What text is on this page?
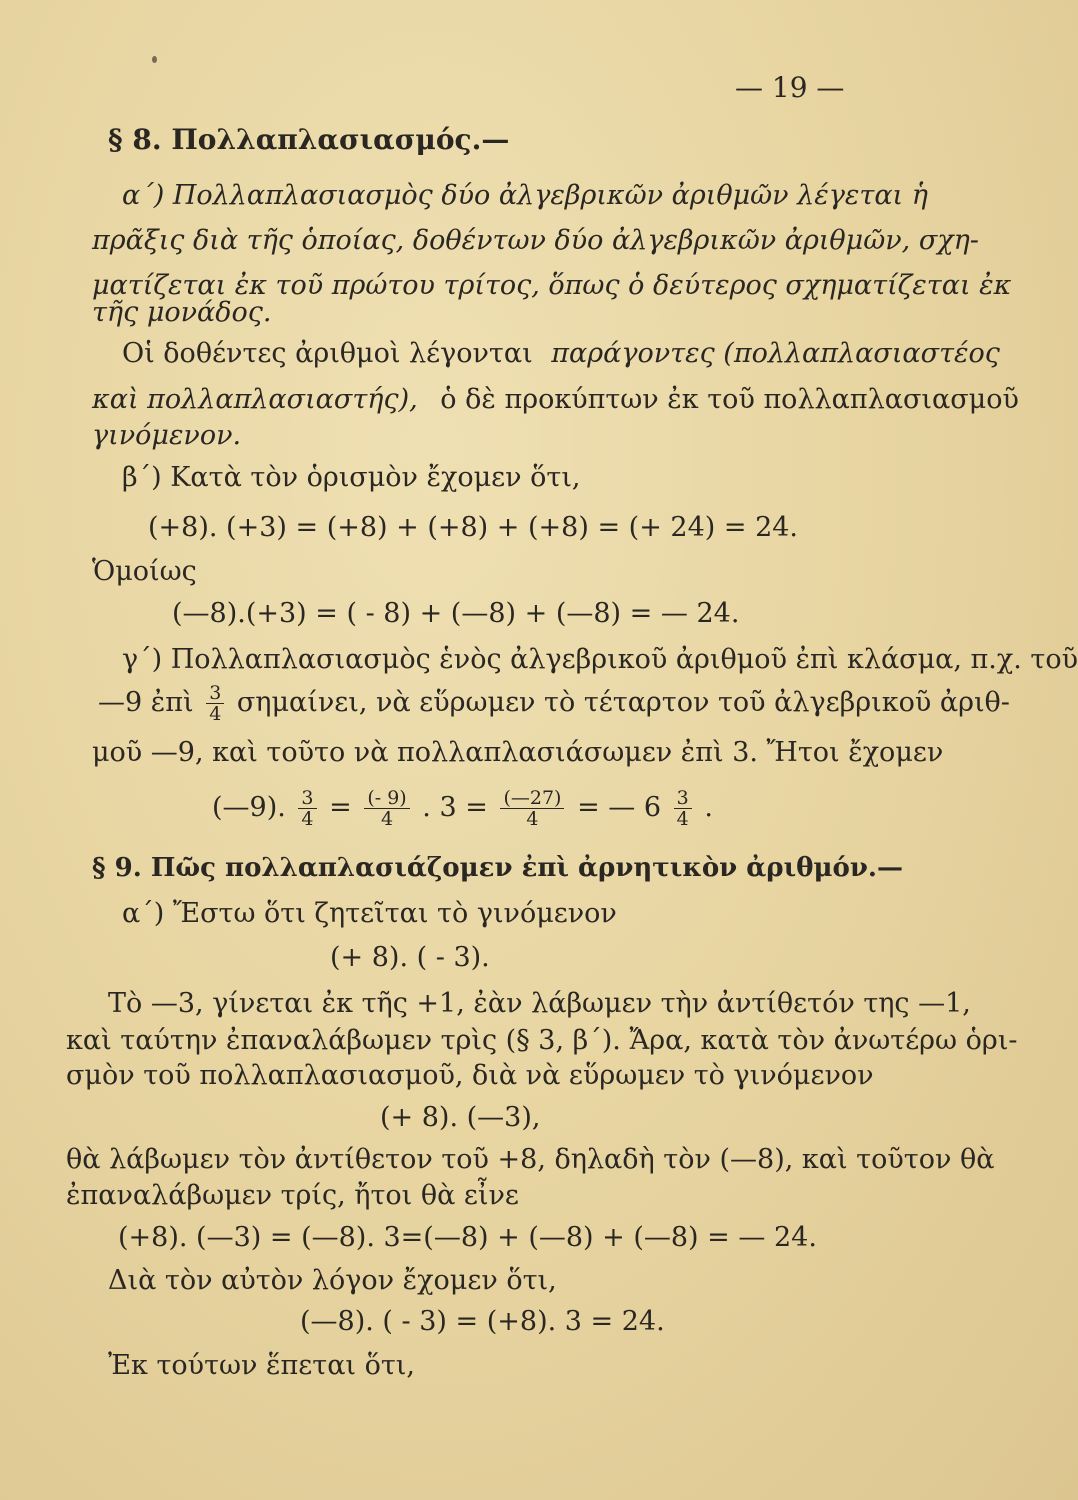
— 19 —
§ 8. Πολλαπλασιασμός.—
α΄) Πολλαπλασιασμὸς δύο ἀλγεβρικῶν ἀριθμῶν λέγεται ἡ
πρᾶξις διὰ τῆς ὁποίας, δοθέντων δύο ἀλγεβρικῶν ἀριθμῶν, σχη-
ματίζεται ἐκ τοῦ πρώτου τρίτος, ὅπως ὁ δεύτερος σχηματίζεται ἐκ
τῆς μονάδος.
Οἱ δοθέντες ἀριθμοὶ λέγονται παράγοντες (πολλαπλασιαστέος
καὶ πολλαπλασιαστής), ὁ δὲ προκύπτων ἐκ τοῦ πολλαπλασιασμοῦ
γινόμενον.
β΄) Κατὰ τὸν ὁρισμὸν ἔχομεν ὅτι,
(+8). (+3) = (+8) + (+8) + (+8) = (+ 24) = 24.
Ὁμοίως
(—8).(+3) = ( - 8) + (—8) + (—8) = — 24.
γ΄) Πολλαπλασιασμὸς ἑνὸς ἀλγεβρικοῦ ἀριθμοῦ ἐπὶ κλάσμα, π.χ. τοῦ
—9 ἐπὶ $\frac{3}{4} \sigma\eta\mu\alpha ί\nu\varepsilon\iota$, νὰ εὕρωμεν τὸ τέταρτον τοῦ ἀλγεβρικοῦ ἀριθ-
μοῦ —9, καὶ τοῦτο νὰ πολλαπλασιάσωμεν ἐπὶ 3. Ἤτοι ἔχομεν
(—9). $\frac{3}{4} = \frac{(- 9)}{4}$ . $3 = \frac{(—27)}{4}$ = — $6 \frac{3}{4}$ .
§ 9. Πῶς πολλαπλασιάζομεν ἐπὶ ἀρνητικὸν ἀριθμόν.—
α΄) Ἔστω ὅτι ζητεῖται τὸ γινόμενον
(+ 8). ( - 3).
Τὸ —3, γίνεται ἐκ τῆς +1, ἐὰν λάβωμεν τὴν ἀντίθετόν της —1,
καὶ ταύτην ἐπαναλάβωμεν τρὶς (§ 3, β΄). Ἄρα, κατὰ τὸν ἀνωτέρω ὁρι-
σμὸν τοῦ πολλαπλασιασμοῦ, διὰ νὰ εὕρωμεν τὸ γινόμενον
(+ 8). (—3),
θὰ λάβωμεν τὸν ἀντίθετον τοῦ +8, δηλαδὴ τὸν (—8), καὶ τοῦτον θὰ
ἐπαναλάβωμεν τρίς, ἤτοι θὰ εἶνε
(+8). (—3) = (—8). 3=(—8) + (—8) + (—8) = — 24.
Διὰ τὸν αὐτὸν λόγον ἔχομεν ὅτι,
(—8). ( - 3) = (+8). 3 = 24.
Ἐκ τούτων ἕπεται ὅτι,
